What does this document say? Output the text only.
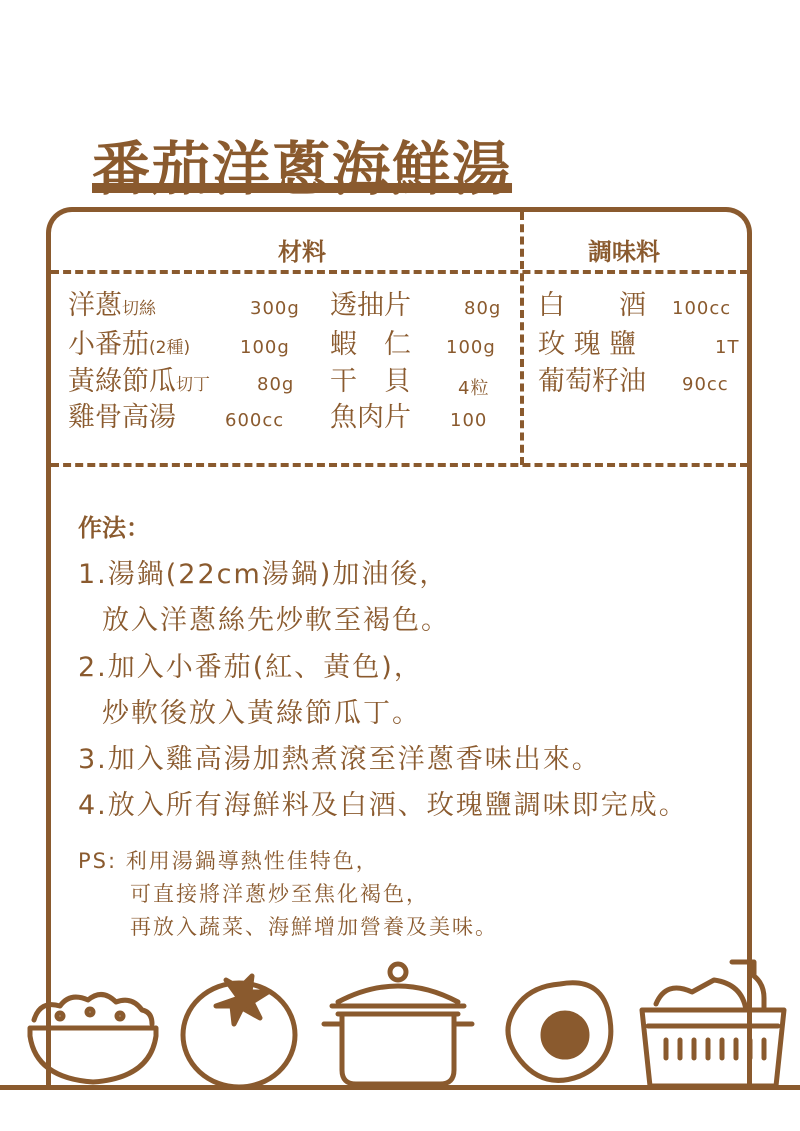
番茄洋蔥海鮮湯
材料	調味料
洋蔥切絲	300g
小番茄(2種)	100g
黃綠節瓜切丁	80g
雞骨高湯	600cc
透抽片	80g
蝦　仁 100g
干　貝	4粒
魚肉片 100
白　　酒 100cc
玫 瑰 鹽	1T
葡萄籽油 90cc
作法：
1.湯鍋(22cm湯鍋)加油後，
放入洋蔥絲先炒軟至褐色。
2.加入小番茄(紅、黃色)，
炒軟後放入黃綠節瓜丁。
3.加入雞高湯加熱煮滾至洋蔥香味出來。
4.放入所有海鮮料及白酒、玫瑰鹽調味即完成。
PS: 利用湯鍋導熱性佳特色，
可直接將洋蔥炒至焦化褐色，
再放入蔬菜、海鮮增加營養及美味。
